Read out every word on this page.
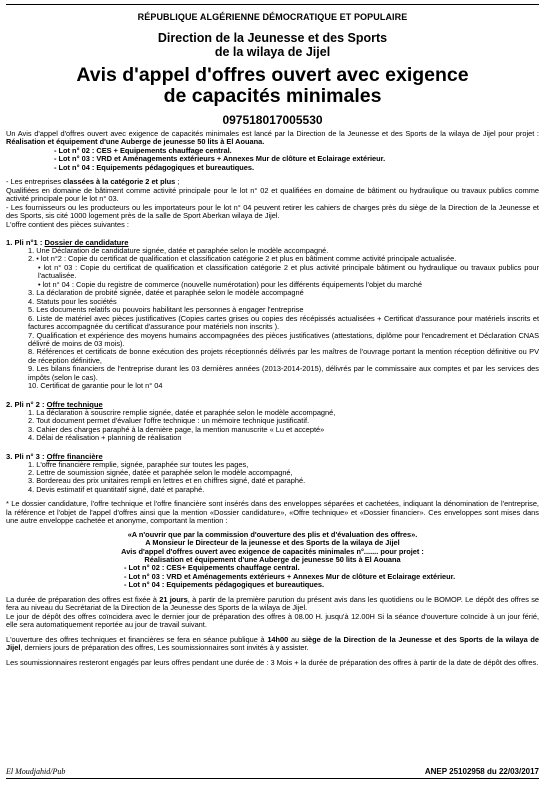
RÉPUBLIQUE ALGÉRIENNE DÉMOCRATIQUE ET POPULAIRE
Direction de la Jeunesse et des Sports
de la wilaya de Jijel
Avis d'appel d'offres ouvert avec exigence
de capacités minimales
09751801700553​0
Un Avis d'appel d'offres ouvert avec exigence de capacités minimales est lancé par la Direction de la Jeunesse et des Sports de la wilaya de Jijel pour projet : Réalisation et équipement d'une Auberge de jeunesse 50 lits à El Aouana.
- Lot n° 02 : CES + Equipements chauffage central.
- Lot n° 03 : VRD et Aménagements extérieurs + Annexes Mur de clôture et Eclairage extérieur.
- Lot n° 04 : Equipements pédagogiques et bureautiques.
- Les entreprises classées à la catégorie 2 et plus ;
Qualifiées en domaine de bâtiment comme activité principale pour le lot n° 02 et qualifiées en domaine de bâtiment ou hydraulique ou travaux publics comme activité principale pour le lot n° 03.
- Les fournisseurs ou les producteurs ou les importateurs pour le lot n° 04 peuvent retirer les cahiers de charges près du siège de la Direction de la Jeunesse et des Sports, sis cité 1000 logement près de la salle de Sport Aberkan wilaya de Jijel.
L'offre contient des pièces suivantes :
1. Pli n°1 : Dossier de candidature
1. Une Déclaration de candidature signée, datée et paraphée selon le modèle accompagné.
2. • lot n°2 : Copie du certificat de qualification et classification catégorie 2 et plus en bâtiment comme activité principale actualisée.
• lot n° 03 : Copie du certificat de qualification et classification catégorie 2 et plus activité principale bâtiment ou hydraulique ou travaux publics pour l'actualisée.
• lot n° 04 : Copie du registre de commerce (nouvelle numérotation) pour les différents équipements l'objet du marché
3. La déclaration de probité signée, datée et paraphée selon le modèle accompagné
4. Statuts pour les sociétés
5. Les documents relatifs ou pouvoirs habilitant les personnes à engager l'entreprise
6. Liste de matériel avec pièces justificatives (Copies cartes grises ou copies des récépissés actualisées + Certificat d'assurance pour matériels inscrits et factures accompagnée du certificat d'assurance pour matériels non inscrits ).
7. Qualification et expérience des moyens humains accompagnées des pièces justificatives (attestations, diplôme pour l'encadrement et Déclaration CNAS délivré de moins de 03 mois).
8. Références et certificats de bonne exécution des projets réceptionnés délivrés par les maîtres de l'ouvrage portant la mention réception définitive ou PV de réception définitive,
9. Les bilans financiers de l'entreprise durant les 03 dernières années (2013-2014-2015), délivrés par le commissaire aux comptes et par les services des impôts (selon le cas).
10. Certificat de garantie pour le lot n° 04
2. Pli n° 2 : Offre technique
1. La déclaration à souscrire remplie signée, datée et paraphée selon le modèle accompagné,
2. Tout document permet d'évaluer l'offre technique : un mémoire technique justificatif.
3. Cahier des charges paraphé à la dernière page, la mention manuscrite « Lu et accepté»
4. Délai de réalisation + planning de réalisation
3. Pli n° 3 : Offre financière
1. L'offre financière remplie, signée, paraphée sur toutes les pages,
2. Lettre de soumission signée, datée et paraphée selon le modèle accompagné,
3. Bordereau des prix unitaires rempli en lettres et en chiffres signé, daté et paraphé.
4. Devis estimatif et quantitatif signé, daté et paraphé.
* Le dossier candidature, l'offre technique et l'offre financière sont insérés dans des enveloppes séparées et cachetées, indiquant la dénomination de l'entreprise, la référence et l'objet de l'appel d'offres ainsi que la mention «Dossier candidature», «Offre technique» et «Dossier financier». Ces enveloppes sont mises dans une autre enveloppe cachetée et anonyme, comportant la mention :
«A n'ouvrir que par la commission d'ouverture des plis et d'évaluation des offres».
A Monsieur le Directeur de la jeunesse et des Sports de la wilaya de Jijel
Avis d'appel d'offres ouvert avec exigence de capacités minimales n°....... pour projet :
Réalisation et équipement d'une Auberge de jeunesse 50 lits à El Aouana
- Lot n° 02 : CES+ Equipements chauffage central.
- Lot n° 03 : VRD et Aménagements extérieurs + Annexes Mur de clôture et Eclairage extérieur.
- Lot n° 04 : Equipements pédagogiques et bureautiques.
La durée de préparation des offres est fixée à 21 jours, à partir de la première parution du présent avis dans les quotidiens ou le BOMOP. Le dépôt des offres se fera au niveau du Secrétariat de la Direction de la Jeunesse des Sports de la wilaya de Jijel.
Le jour de dépôt des offres coïncidera avec le dernier jour de préparation des offres à 08.00 H. jusqu'à 12.00H Si la séance d'ouverture coïncide à un jour férié, elle sera automatiquement reportée au jour de travail suivant.
L'ouverture des offres techniques et financières se fera en séance publique à 14h00 au siège de la Direction de la Jeunesse et des Sports de la wilaya de Jijel, derniers jours de préparation des offres, Les soumissionnaires sont invités à y assister.
Les soumissionnaires resteront engagés par leurs offres pendant une durée de : 3 Mois + la durée de préparation des offres à partir de la date de dépôt des offres.
El Moudjahid/Pub	ANEP 25102958 du 22/03/2017
